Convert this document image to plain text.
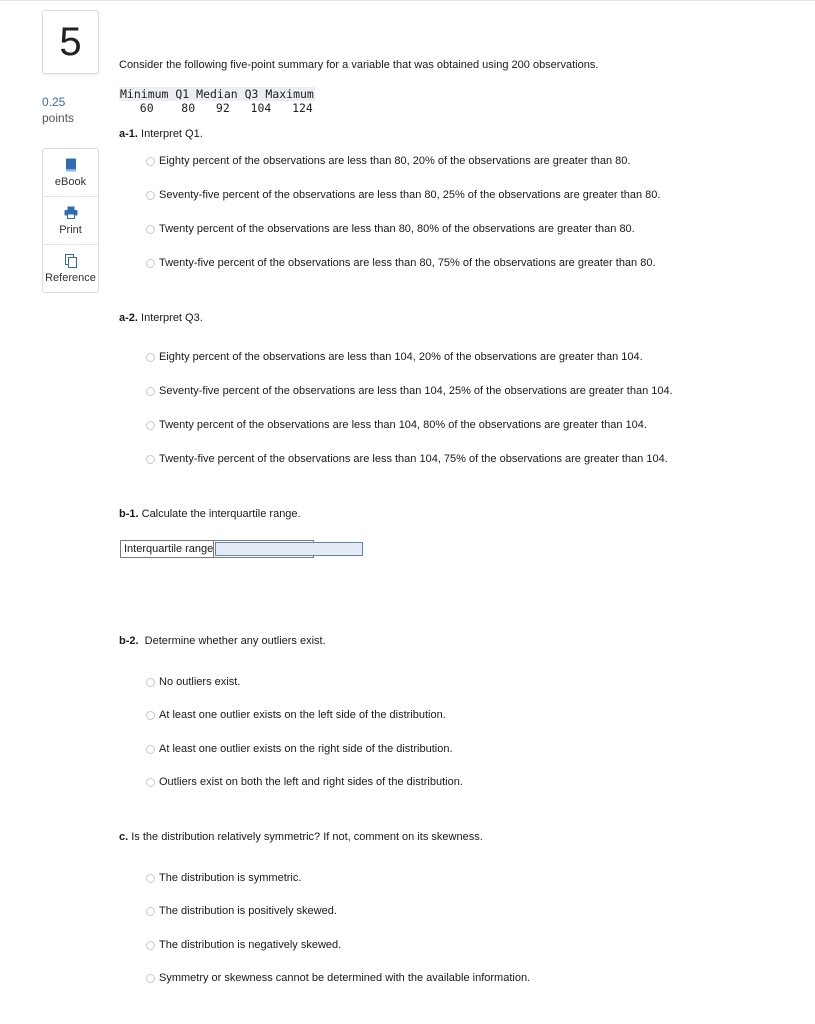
5
0.25
points
eBook
Print
Reference
Consider the following five-point summary for a variable that was obtained using 200 observations.
Minimum Q1 Median Q3 Maximum
60    80   92   104   124
a-1. Interpret Q1.
Eighty percent of the observations are less than 80, 20% of the observations are greater than 80.
Seventy-five percent of the observations are less than 80, 25% of the observations are greater than 80.
Twenty percent of the observations are less than 80, 80% of the observations are greater than 80.
Twenty-five percent of the observations are less than 80, 75% of the observations are greater than 80.
a-2. Interpret Q3.
Eighty percent of the observations are less than 104, 20% of the observations are greater than 104.
Seventy-five percent of the observations are less than 104, 25% of the observations are greater than 104.
Twenty percent of the observations are less than 104, 80% of the observations are greater than 104.
Twenty-five percent of the observations are less than 104, 75% of the observations are greater than 104.
b-1. Calculate the interquartile range.
Interquartile range
b-2.  Determine whether any outliers exist.
No outliers exist.
At least one outlier exists on the left side of the distribution.
At least one outlier exists on the right side of the distribution.
Outliers exist on both the left and right sides of the distribution.
c. Is the distribution relatively symmetric? If not, comment on its skewness.
The distribution is symmetric.
The distribution is positively skewed.
The distribution is negatively skewed.
Symmetry or skewness cannot be determined with the available information.
